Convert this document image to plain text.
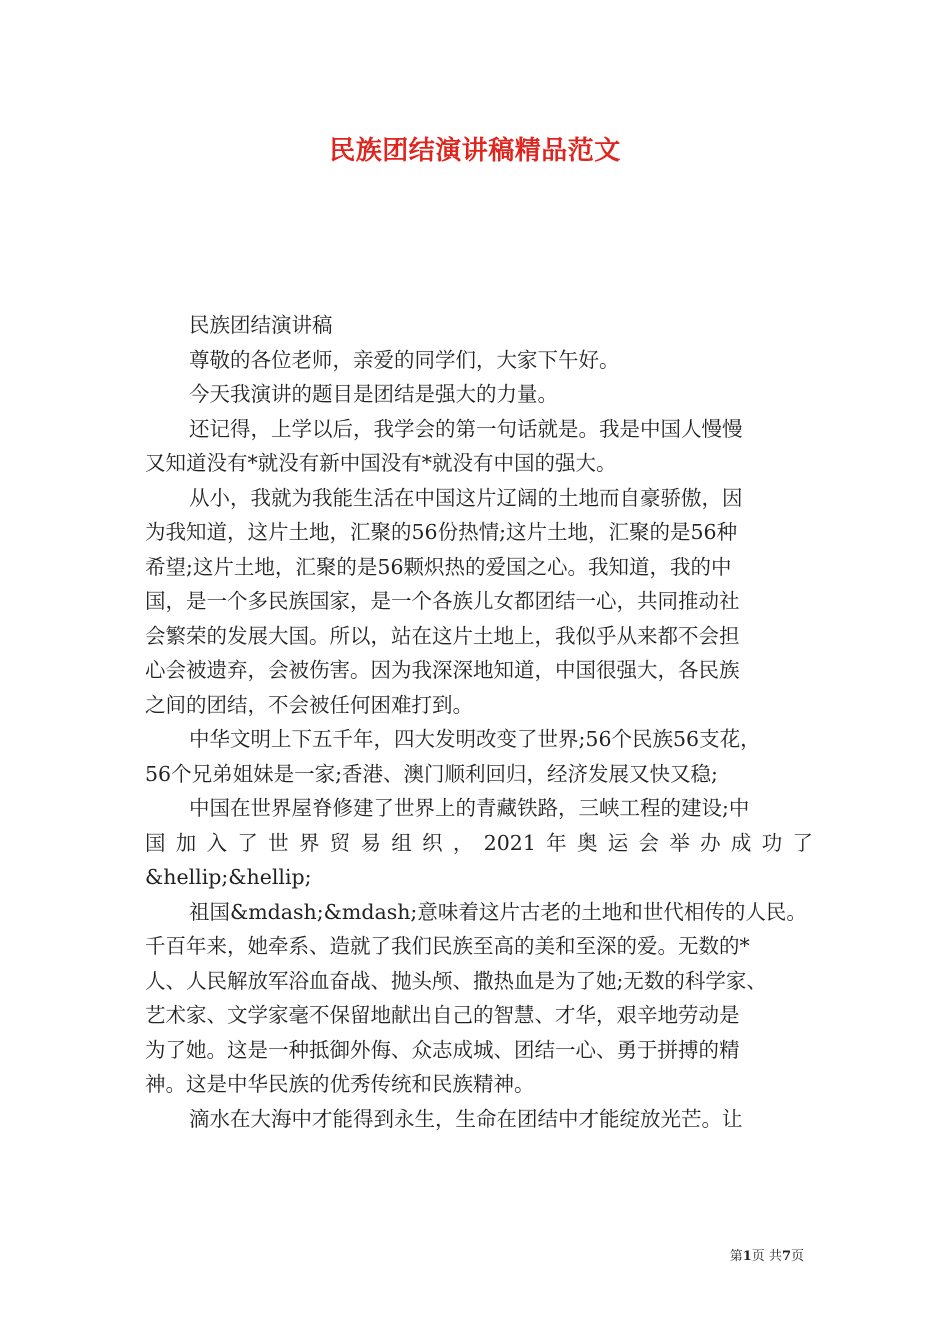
民族团结演讲稿精品范文
民族团结演讲稿
尊敬的各位老师，亲爱的同学们，大家下午好。
今天我演讲的题目是团结是强大的力量。
还记得，上学以后，我学会的第一句话就是。我是中国人慢慢
又知道没有*就没有新中国没有*就没有中国的强大。
从小，我就为我能生活在中国这片辽阔的土地而自豪骄傲，因
为我知道，这片土地，汇聚的56份热情;这片土地，汇聚的是56种
希望;这片土地，汇聚的是56颗炽热的爱国之心。我知道，我的中
国，是一个多民族国家，是一个各族儿女都团结一心，共同推动社
会繁荣的发展大国。所以，站在这片土地上，我似乎从来都不会担
心会被遗弃，会被伤害。因为我深深地知道，中国很强大，各民族
之间的团结，不会被任何困难打到。
中华文明上下五千年，四大发明改变了世界;56个民族56支花，
56个兄弟姐妹是一家;香港、澳门顺利回归，经济发展又快又稳;
中国在世界屋脊修建了世界上的青藏铁路，三峡工程的建设;中
国加入了世界贸易组织，2021年奥运会举办成功了
&hellip;&hellip;
祖国&mdash;&mdash;意味着这片古老的土地和世代相传的人民。
千百年来，她牵系、造就了我们民族至高的美和至深的爱。无数的*
人、人民解放军浴血奋战、抛头颅、撒热血是为了她;无数的科学家、
艺术家、文学家毫不保留地献出自己的智慧、才华，艰辛地劳动是
为了她。这是一种抵御外侮、众志成城、团结一心、勇于拼搏的精
神。这是中华民族的优秀传统和民族精神。
滴水在大海中才能得到永生，生命在团结中才能绽放光芒。让
第1页 共7页
